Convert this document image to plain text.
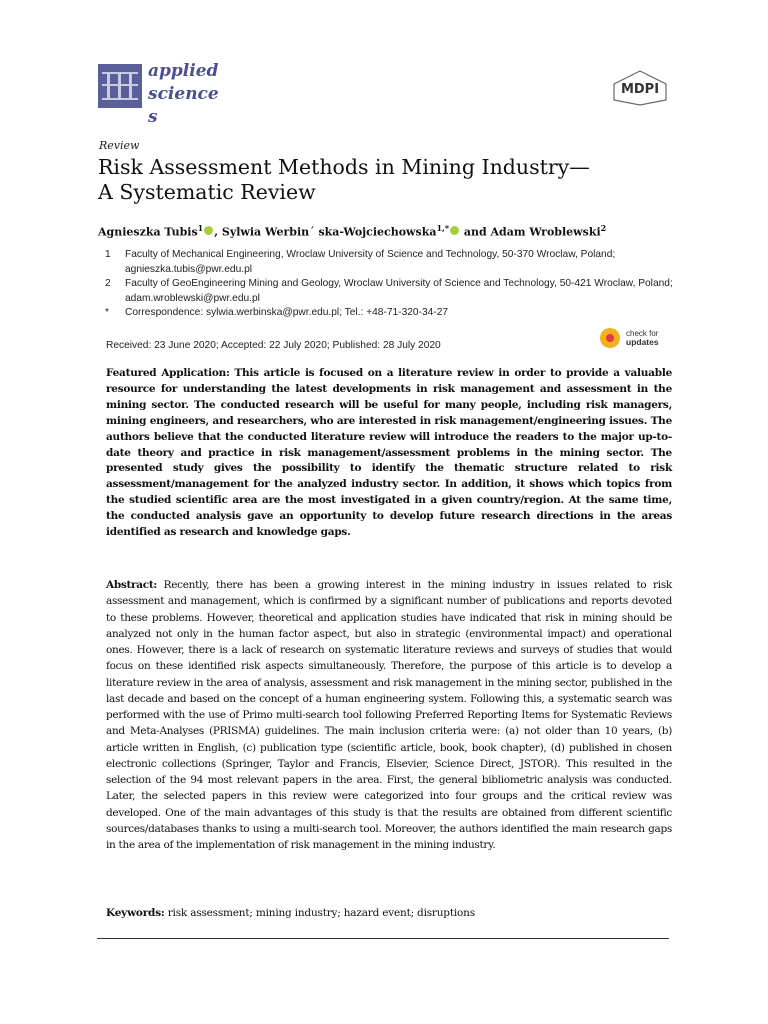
applied
science
s
MDPI
Review
Risk Assessment Methods in Mining Industry—
A Systematic Review
Agnieszka Tubis$^1$ , Sylwia Werbin´ ska-Wojciechowska$^{1,*}$ and Adam Wroblewski$^2$
1 Faculty of Mechanical Engineering, Wroclaw University of Science and Technology, 50-370 Wroclaw, Poland; agnieszka.tubis@pwr.edu.pl
2 Faculty of GeoEngineering Mining and Geology, Wroclaw University of Science and Technology, 50-421 Wroclaw, Poland; adam.wroblewski@pwr.edu.pl
* Correspondence: sylwia.werbinska@pwr.edu.pl; Tel.: +48-71-320-34-27
Received: 23 June 2020; Accepted: 22 July 2020; Published: 28 July 2020
check for
updates
Featured Application: This article is focused on a literature review in order to provide a valuable resource for understanding the latest developments in risk management and assessment in the mining sector. The conducted research will be useful for many people, including risk managers, mining engineers, and researchers, who are interested in risk management/engineering issues. The authors believe that the conducted literature review will introduce the readers to the major up-to-date theory and practice in risk management/assessment problems in the mining sector. The presented study gives the possibility to identify the thematic structure related to risk assessment/management for the analyzed industry sector. In addition, it shows which topics from the studied scientific area are the most investigated in a given country/region. At the same time, the conducted analysis gave an opportunity to develop future research directions in the areas identified as research and knowledge gaps.
Abstract: Recently, there has been a growing interest in the mining industry in issues related to risk assessment and management, which is confirmed by a significant number of publications and reports devoted to these problems. However, theoretical and application studies have indicated that risk in mining should be analyzed not only in the human factor aspect, but also in strategic (environmental impact) and operational ones. However, there is a lack of research on systematic literature reviews and surveys of studies that would focus on these identified risk aspects simultaneously. Therefore, the purpose of this article is to develop a literature review in the area of analysis, assessment and risk management in the mining sector, published in the last decade and based on the concept of a human engineering system. Following this, a systematic search was performed with the use of Primo multi-search tool following Preferred Reporting Items for Systematic Reviews and Meta-Analyses (PRISMA) guidelines. The main inclusion criteria were: (a) not older than 10 years, (b) article written in English, (c) publication type (scientific article, book, book chapter), (d) published in chosen electronic collections (Springer, Taylor and Francis, Elsevier, Science Direct, JSTOR). This resulted in the selection of the 94 most relevant papers in the area. First, the general bibliometric analysis was conducted. Later, the selected papers in this review were categorized into four groups and the critical review was developed. One of the main advantages of this study is that the results are obtained from different scientific sources/databases thanks to using a multi-search tool. Moreover, the authors identified the main research gaps in the area of the implementation of risk management in the mining industry.
Keywords: risk assessment; mining industry; hazard event; disruptions
